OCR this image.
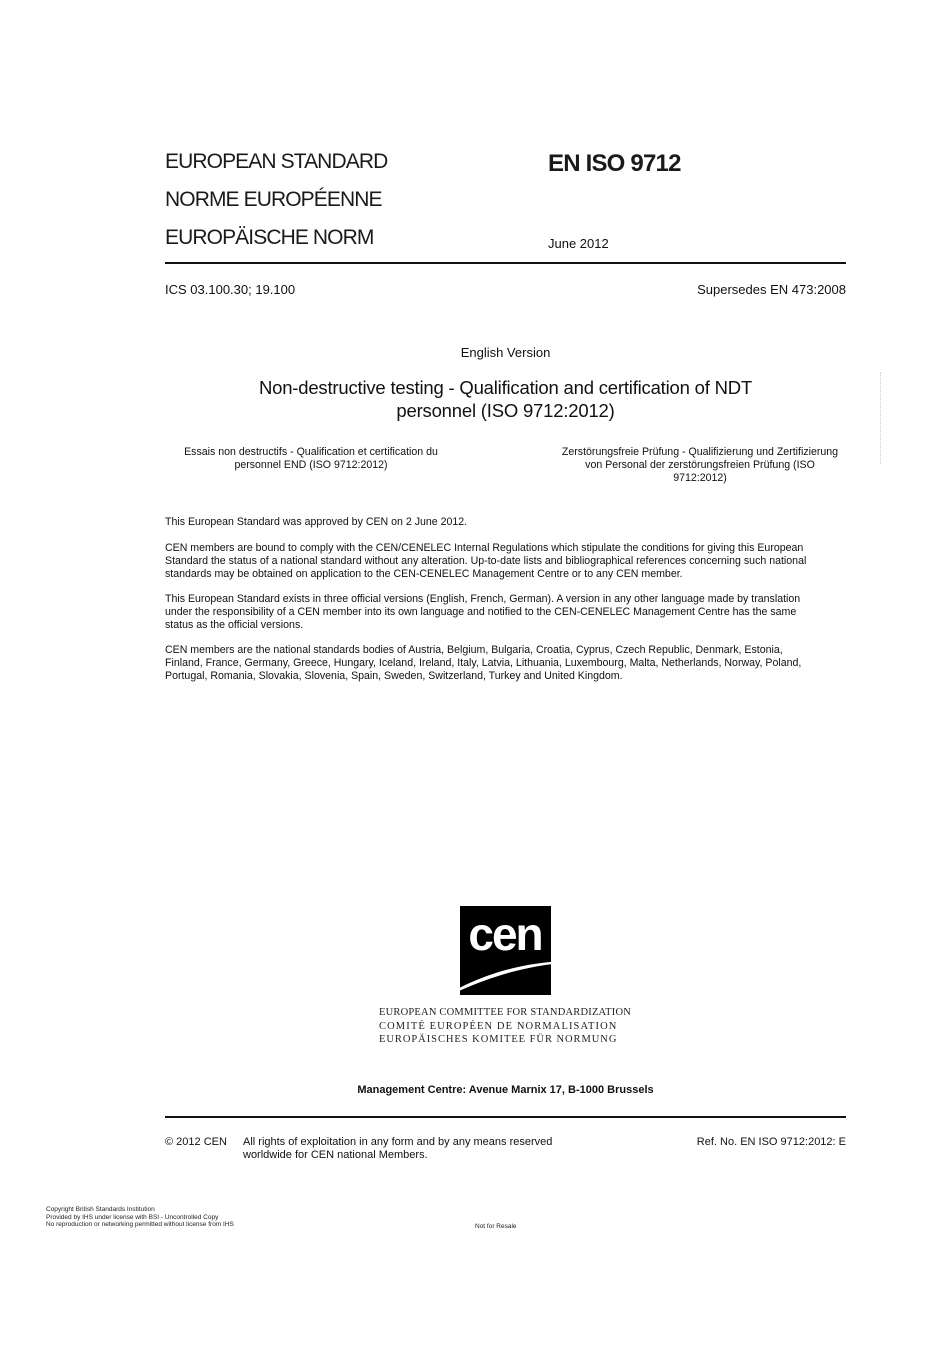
EUROPEAN STANDARD
NORME EUROPÉENNE
EUROPÄISCHE NORM
EN ISO 9712
June 2012
ICS 03.100.30; 19.100	Supersedes EN 473:2008
English Version
Non-destructive testing - Qualification and certification of NDT
personnel (ISO 9712:2012)
Essais non destructifs - Qualification et certification du
personnel END (ISO 9712:2012)
Zerstörungsfreie Prüfung - Qualifizierung und Zertifizierung
von Personal der zerstörungsfreien Prüfung (ISO
9712:2012)
This European Standard was approved by CEN on 2 June 2012.
CEN members are bound to comply with the CEN/CENELEC Internal Regulations which stipulate the conditions for giving this European
Standard the status of a national standard without any alteration. Up-to-date lists and bibliographical references concerning such national
standards may be obtained on application to the CEN-CENELEC Management Centre or to any CEN member.
This European Standard exists in three official versions (English, French, German). A version in any other language made by translation
under the responsibility of a CEN member into its own language and notified to the CEN-CENELEC Management Centre has the same
status as the official versions.
CEN members are the national standards bodies of Austria, Belgium, Bulgaria, Croatia, Cyprus, Czech Republic, Denmark, Estonia,
Finland, France, Germany, Greece, Hungary, Iceland, Ireland, Italy, Latvia, Lithuania, Luxembourg, Malta, Netherlands, Norway, Poland,
Portugal, Romania, Slovakia, Slovenia, Spain, Sweden, Switzerland, Turkey and United Kingdom.
cen
EUROPEAN COMMITTEE FOR STANDARDIZATION
COMITÉ EUROPÉEN DE NORMALISATION
EUROPÄISCHES KOMITEE FÜR NORMUNG
Management Centre: Avenue Marnix 17, B-1000 Brussels
© 2012 CEN All rights of exploitation in any form and by any means reserved
worldwide for CEN national Members.
Ref. No. EN ISO 9712:2012: E
Copyright British Standards Institution
Provided by IHS under license with BSI - Uncontrolled Copy
No reproduction or networking permitted without license from IHS	Not for Resale
